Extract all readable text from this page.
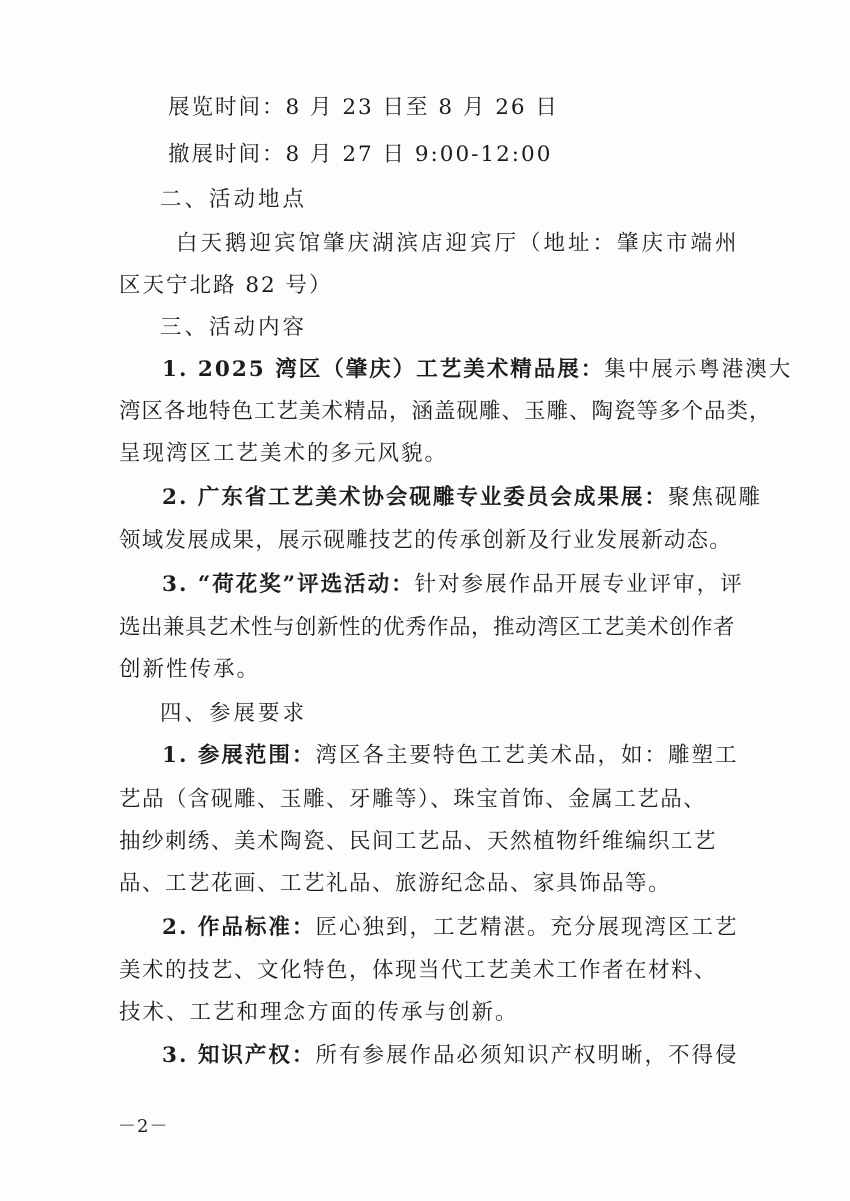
展览时间：8 月 23 日至 8 月 26 日
撤展时间：8 月 27 日 9:00-12:00
二、活动地点
白天鹅迎宾馆肇庆湖滨店迎宾厅（地址：肇庆市端州
区天宁北路 82 号）
三、活动内容
1. 2025 湾区（肇庆）工艺美术精品展：集中展示粤港澳大
湾区各地特色工艺美术精品，涵盖砚雕、玉雕、陶瓷等多个品类，
呈现湾区工艺美术的多元风貌。
2. 广东省工艺美术协会砚雕专业委员会成果展：聚焦砚雕
领域发展成果，展示砚雕技艺的传承创新及行业发展新动态。
3. “荷花奖”评选活动：针对参展作品开展专业评审，评
选出兼具艺术性与创新性的优秀作品，推动湾区工艺美术创作者
创新性传承。
四、参展要求
1. 参展范围：湾区各主要特色工艺美术品，如：雕塑工
艺品（含砚雕、玉雕、牙雕等）、珠宝首饰、金属工艺品、
抽纱刺绣、美术陶瓷、民间工艺品、天然植物纤维编织工艺
品、工艺花画、工艺礼品、旅游纪念品、家具饰品等。
2. 作品标准：匠心独到，工艺精湛。充分展现湾区工艺
美术的技艺、文化特色，体现当代工艺美术工作者在材料、
技术、工艺和理念方面的传承与创新。
3. 知识产权：所有参展作品必须知识产权明晰，不得侵
－2－
